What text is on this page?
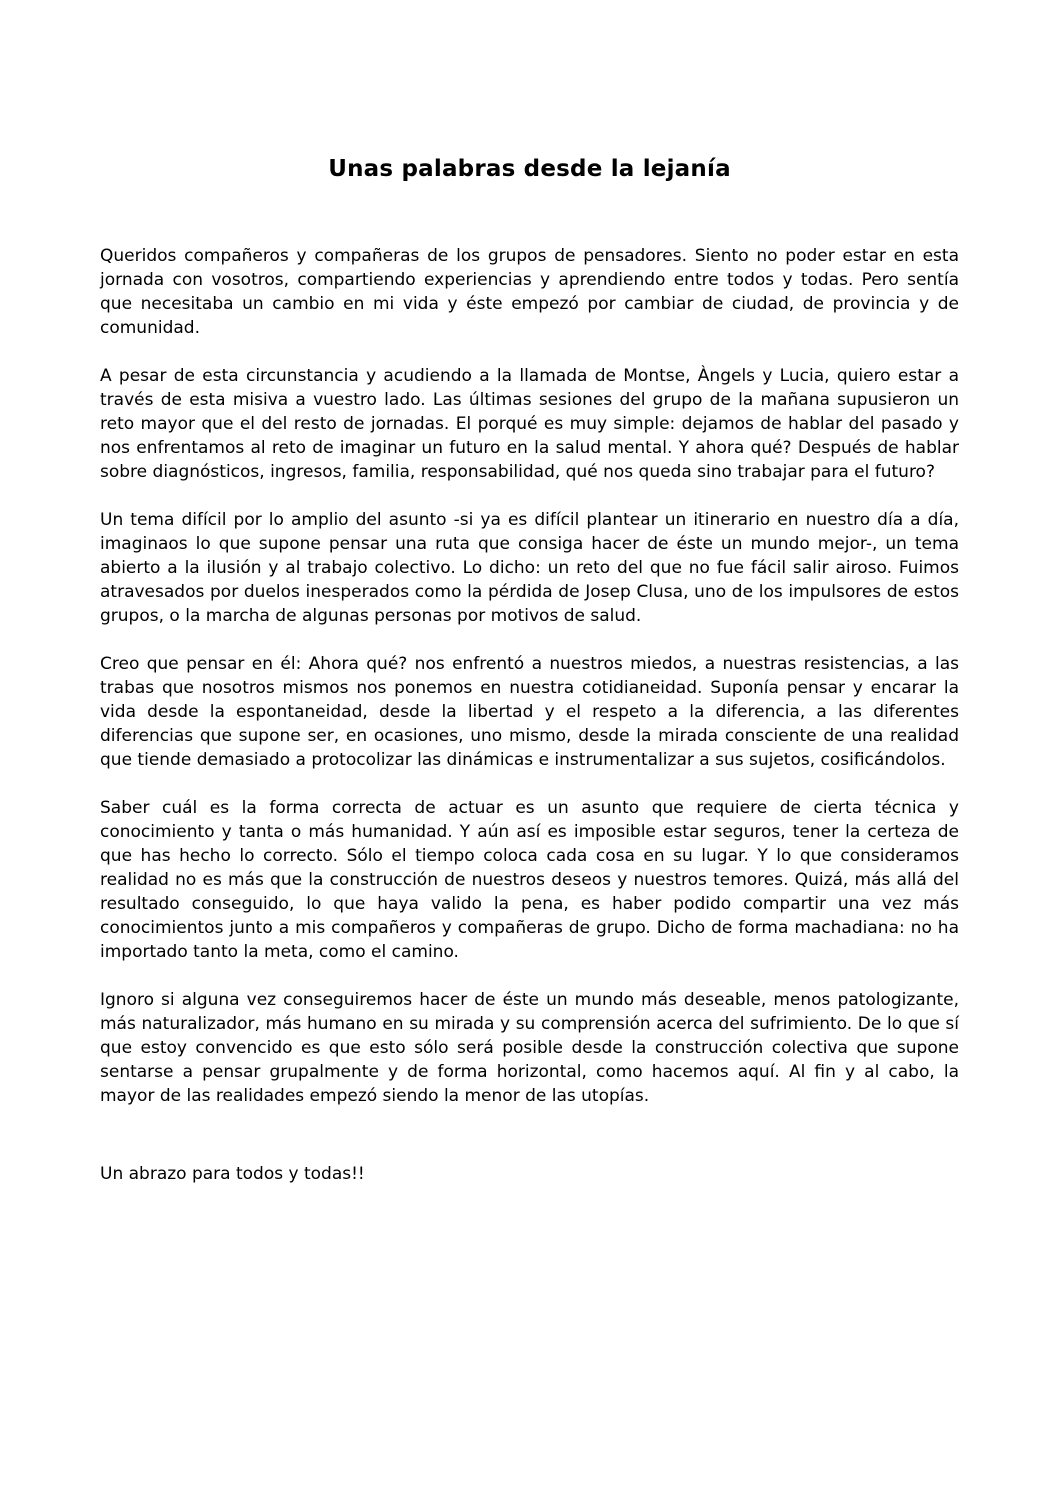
Unas palabras desde la lejanía

Queridos compañeros y compañeras de los grupos de pensadores. Siento no poder estar en esta jornada con vosotros, compartiendo experiencias y aprendiendo entre todos y todas. Pero sentía que necesitaba un cambio en mi vida y éste empezó por cambiar de ciudad, de provincia y de comunidad.

A pesar de esta circunstancia y acudiendo a la llamada de Montse, Àngels y Lucia, quiero estar a través de esta misiva a vuestro lado. Las últimas sesiones del grupo de la mañana supusieron un reto mayor que el del resto de jornadas. El porqué es muy simple: dejamos de hablar del pasado y nos enfrentamos al reto de imaginar un futuro en la salud mental. Y ahora qué? Después de hablar sobre diagnósticos, ingresos, familia, responsabilidad, qué nos queda sino trabajar para el futuro?

Un tema difícil por lo amplio del asunto -si ya es difícil plantear un itinerario en nuestro día a día, imaginaos lo que supone pensar una ruta que consiga hacer de éste un mundo mejor-, un tema abierto a la ilusión y al trabajo colectivo. Lo dicho: un reto del que no fue fácil salir airoso. Fuimos atravesados por duelos inesperados como la pérdida de Josep Clusa, uno de los impulsores de estos grupos, o la marcha de algunas personas por motivos de salud.

Creo que pensar en él: Ahora qué? nos enfrentó a nuestros miedos, a nuestras resistencias, a las trabas que nosotros mismos nos ponemos en nuestra cotidianeidad. Suponía pensar y encarar la vida desde la espontaneidad, desde la libertad y el respeto a la diferencia, a las diferentes diferencias que supone ser, en ocasiones, uno mismo, desde la mirada consciente de una realidad que tiende demasiado a protocolizar las dinámicas e instrumentalizar a sus sujetos, cosificándolos.

Saber cuál es la forma correcta de actuar es un asunto que requiere de cierta técnica y conocimiento y tanta o más humanidad. Y aún así es imposible estar seguros, tener la certeza de que has hecho lo correcto. Sólo el tiempo coloca cada cosa en su lugar. Y lo que consideramos realidad no es más que la construcción de nuestros deseos y nuestros temores. Quizá, más allá del resultado conseguido, lo que haya valido la pena, es haber podido compartir una vez más conocimientos junto a mis compañeros y compañeras de grupo. Dicho de forma machadiana: no ha importado tanto la meta, como el camino.

Ignoro si alguna vez conseguiremos hacer de éste un mundo más deseable, menos patologizante, más naturalizador, más humano en su mirada y su comprensión acerca del sufrimiento. De lo que sí que estoy convencido es que esto sólo será posible desde la construcción colectiva que supone sentarse a pensar grupalmente y de forma horizontal, como hacemos aquí. Al fin y al cabo, la mayor de las realidades empezó siendo la menor de las utopías.

Un abrazo para todos y todas!!
